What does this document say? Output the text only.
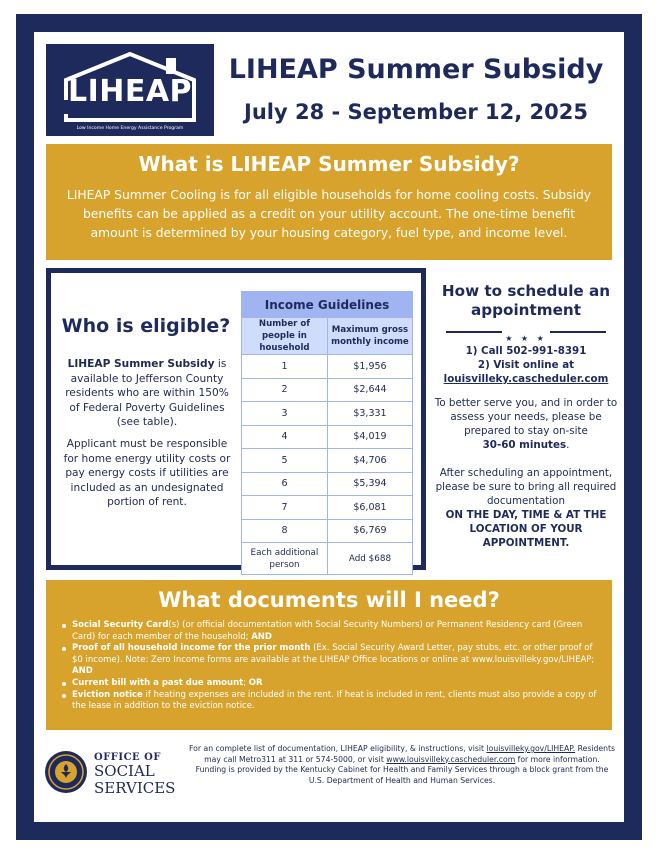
LIHEAP
Low Income Home Energy Assistance Program
LIHEAP Summer Subsidy
July 28 - September 12, 2025
What is LIHEAP Summer Subsidy?
LIHEAP Summer Cooling is for all eligible households for home cooling costs. Subsidy benefits can be applied as a credit on your utility account. The one-time benefit amount is determined by your housing category, fuel type, and income level.
Who is eligible?
LIHEAP Summer Subsidy is available to Jefferson County residents who are within 150% of Federal Poverty Guidelines (see table).
Applicant must be responsible for home energy utility costs or pay energy costs if utilities are included as an undesignated portion of rent.
Income Guidelines	
Number of people in household	Maximum gross monthly income
1	$1,956
2	$2,644
3	$3,331
4	$4,019
5	$4,706
6	$5,394
7	$6,081
8	$6,769
Each additional person	Add $688
How to schedule an appointment
★ ★ ★
1) Call 502-991-8391
2) Visit online at
louisvilleky.cascheduler.com
To better serve you, and in order to assess your needs, please be prepared to stay on-site
30-60 minutes.
After scheduling an appointment, please be sure to bring all required documentation
ON THE DAY, TIME & AT THE LOCATION OF YOUR APPOINTMENT.
What documents will I need?
Social Security Card(s) (or official documentation with Social Security Numbers) or Permanent Residency card (Green Card) for each member of the household; AND
Proof of all household income for the prior month (Ex. Social Security Award Letter, pay stubs, etc. or other proof of $0 income). Note: Zero Income forms are available at the LIHEAP Office locations or online at www.louisvilleky.gov/LIHEAP; AND
Current bill with a past due amount; OR
Eviction notice if heating expenses are included in the rent. If heat is included in rent, clients must also provide a copy of the lease in addition to the eviction notice.
OFFICE OF
SOCIAL
SERVICES
For an complete list of documentation, LIHEAP eligibility, & instructions, visit louisvilleky.gov/LIHEAP. Residents may call Metro311 at 311 or 574-5000, or visit www.louisvilleky.cascheduler.com for more information. Funding is provided by the Kentucky Cabinet for Health and Family Services through a block grant from the U.S. Department of Health and Human Services.
